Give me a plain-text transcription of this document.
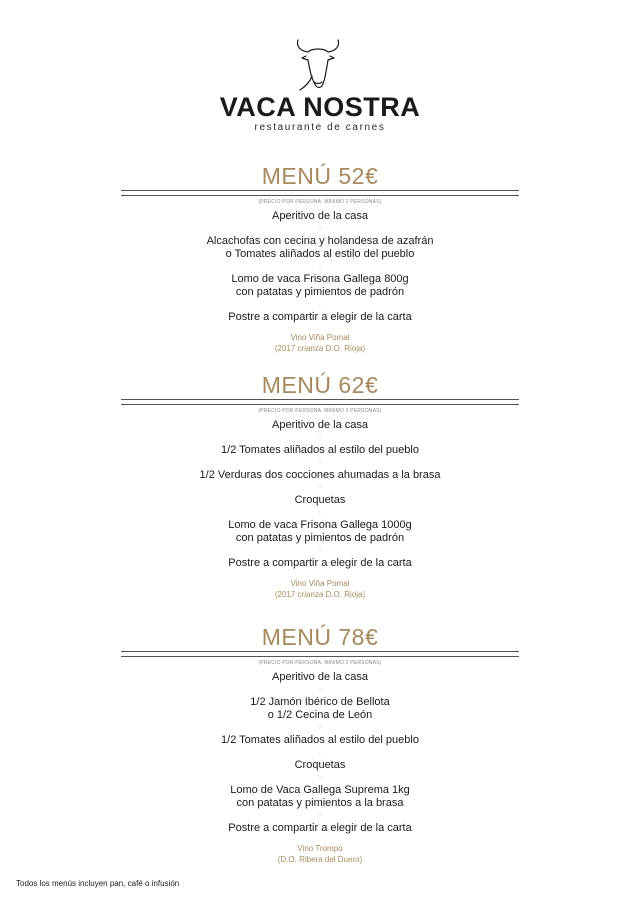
VACA NOSTRA
restaurante de carnes
MENÚ 52€
(PRECIO POR PERSONA. MÍNIMO 2 PERSONAS)
Aperitivo de la casa
·
Alcachofas con cecina y holandesa de azafrán
o Tomates aliñados al estilo del pueblo
·
Lomo de vaca Frisona Gallega 800g
con patatas y pimientos de padrón
·
Postre a compartir a elegir de la carta
Vino Viña Pomal
(2017 crianza D.O. Rioja)
MENÚ 62€
(PRECIO POR PERSONA. MÍNIMO 2 PERSONAS)
Aperitivo de la casa
·
1/2 Tomates aliñados al estilo del pueblo
·
1/2 Verduras dos cocciones ahumadas a la brasa
·
Croquetas
·
Lomo de vaca Frisona Gallega 1000g
con patatas y pimientos de padrón
·
Postre a compartir a elegir de la carta
Vino Viña Pomal
(2017 crianza D.O. Rioja)
MENÚ 78€
(PRECIO POR PERSONA. MÍNIMO 2 PERSONAS)
Aperitivo de la casa
·
1/2 Jamón Ibérico de Bellota
o 1/2 Cecina de León
·
1/2 Tomates aliñados al estilo del pueblo
·
Croquetas
·
Lomo de Vaca Gallega Suprema 1kg
con patatas y pimientos a la brasa
·
Postre a compartir a elegir de la carta
Vino Trompo
(D.O. Ribera del Duero)
Todos los menús incluyen pan, café o infusión
